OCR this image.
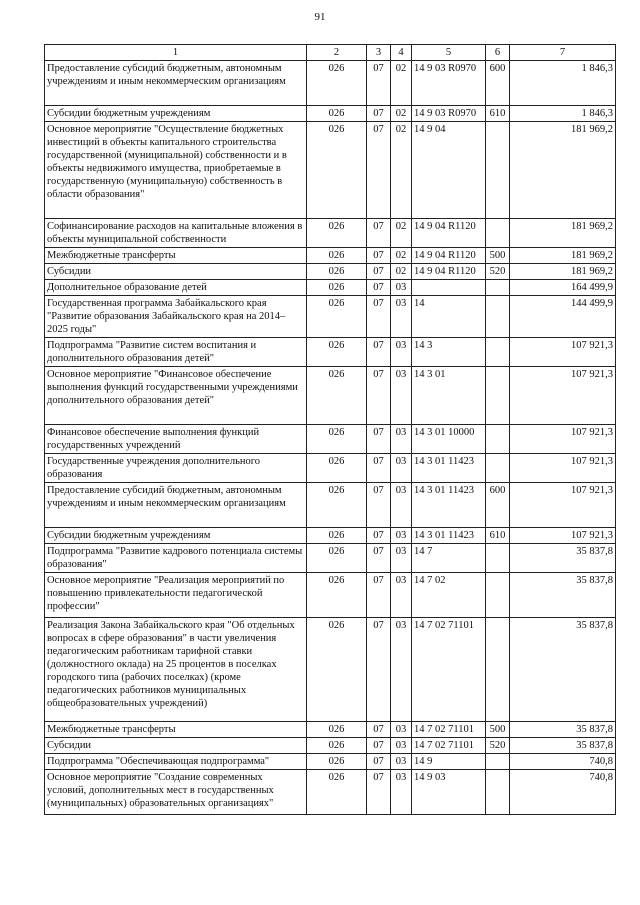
91
1	2	3	4	5	6	7
Предоставление субсидий бюджетным, автономным учреждениям и иным некоммерческим организациям	026	07	02	14 9 03 R0970	600	1 846,3
Субсидии бюджетным учреждениям	026	07	02	14 9 03 R0970	610	1 846,3
Основное мероприятие "Осуществление бюджетных инвестиций в объекты капитального строительства государственной (муниципальной) собственности и в объекты недвижимого имущества, приобретаемые в государственную (муниципальную) собственность в области образования"	026	07	02	14 9 04		181 969,2
Софинансирование расходов на капитальные вложения в объекты муниципальной собственности	026	07	02	14 9 04 R1120		181 969,2
Межбюджетные трансферты	026	07	02	14 9 04 R1120	500	181 969,2
Субсидии	026	07	02	14 9 04 R1120	520	181 969,2
Дополнительное образование детей	026	07	03			164 499,9
Государственная программа Забайкальского края "Развитие образования Забайкальского края на 2014–2025 годы"	026	07	03	14		144 499,9
Подпрограмма "Развитие систем воспитания и дополнительного образования детей"	026	07	03	14 3		107 921,3
Основное мероприятие "Финансовое обеспечение выполнения функций государственными учреждениями дополнительного образования детей"	026	07	03	14 3 01		107 921,3
Финансовое обеспечение выполнения функций государственных учреждений	026	07	03	14 3 01 10000		107 921,3
Государственные учреждения дополнительного образования	026	07	03	14 3 01 11423		107 921,3
Предоставление субсидий бюджетным, автономным учреждениям и иным некоммерческим организациям	026	07	03	14 3 01 11423	600	107 921,3
Субсидии бюджетным учреждениям	026	07	03	14 3 01 11423	610	107 921,3
Подпрограмма "Развитие кадрового потенциала системы образования"	026	07	03	14 7		35 837,8
Основное мероприятие "Реализация мероприятий по повышению привлекательности педагогической профессии"	026	07	03	14 7 02		35 837,8
Реализация Закона Забайкальского края "Об отдельных вопросах в сфере образования" в части увеличения педагогическим работникам тарифной ставки (должностного оклада) на 25 процентов в поселках городского типа (рабочих поселках) (кроме педагогических работников муниципальных общеобразовательных учреждений)	026	07	03	14 7 02 71101		35 837,8
Межбюджетные трансферты	026	07	03	14 7 02 71101	500	35 837,8
Субсидии	026	07	03	14 7 02 71101	520	35 837,8
Подпрограмма "Обеспечивающая подпрограмма"	026	07	03	14 9		740,8
Основное мероприятие "Создание современных условий, дополнительных мест в государственных (муниципальных) образовательных организациях"	026	07	03	14 9 03		740,8
